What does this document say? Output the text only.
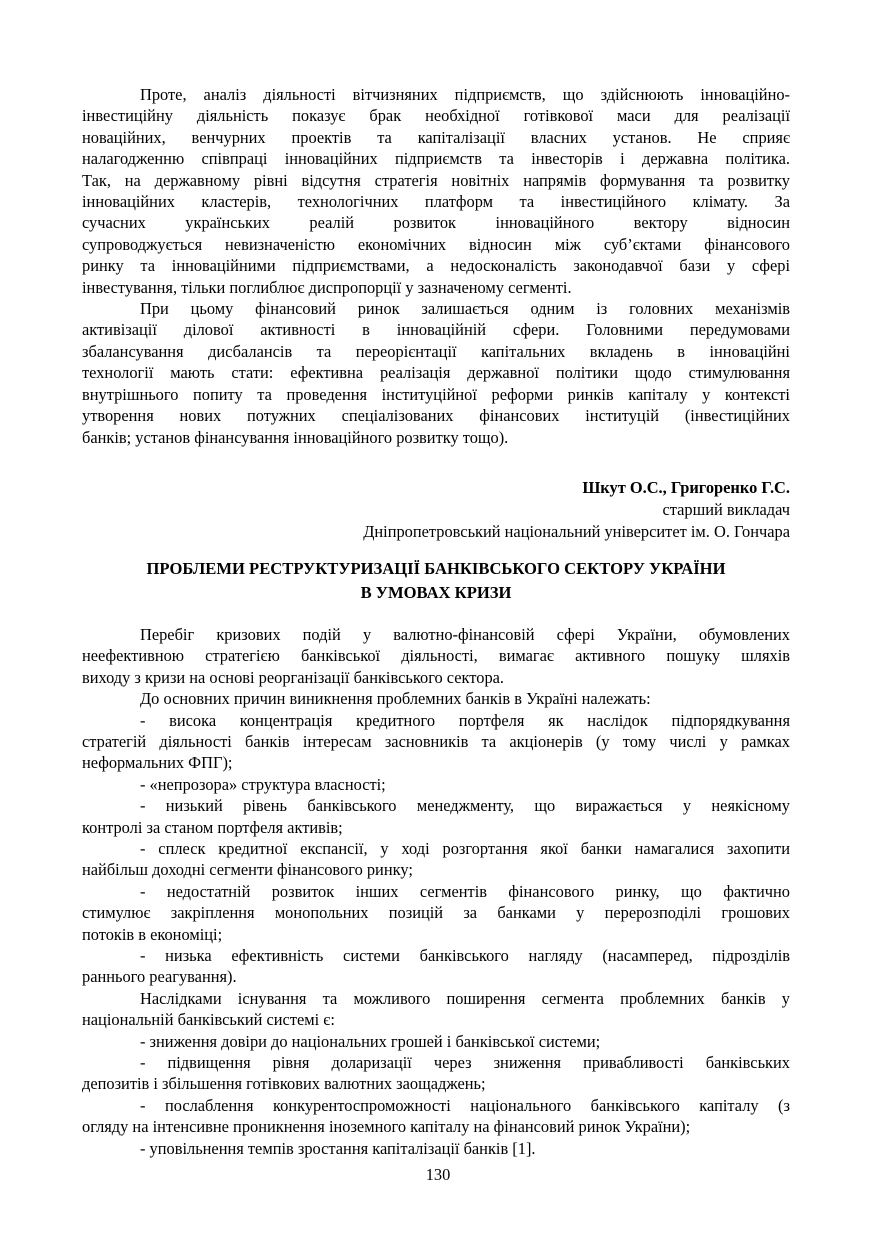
Проте, аналіз діяльності вітчизняних підприємств, що здійснюють інноваційно-
інвестиційну діяльність показує брак необхідної готівкової маси для реалізації
новаційних, венчурних проектів та капіталізації власних установ. Не сприяє
налагодженню співпраці інноваційних підприємств та інвесторів і державна політика.
Так, на державному рівні відсутня стратегія новітніх напрямів формування та розвитку
інноваційних кластерів, технологічних платформ та інвестиційного клімату. За
сучасних українських реалій розвиток інноваційного вектору відносин
супроводжується невизначеністю економічних відносин між суб’єктами фінансового
ринку та інноваційними підприємствами, а недосконалість законодавчої бази у сфері
інвестування, тільки поглиблює диспропорції у зазначеному сегменті.
При цьому фінансовий ринок залишається одним із головних механізмів
активізації ділової активності в інноваційній сфери. Головними передумовами
збалансування дисбалансів та переорієнтації капітальних вкладень в інноваційні
технології мають стати: ефективна реалізація державної політики щодо стимулювання
внутрішнього попиту та проведення інституційної реформи ринків капіталу у контексті
утворення нових потужних спеціалізованих фінансових інституцій (інвестиційних
банків; установ фінансування інноваційного розвитку тощо).
Шкут О.С., Григоренко Г.С.
старший викладач
Дніпропетровський національний університет ім. О. Гончара
ПРОБЛЕМИ РЕСТРУКТУРИЗАЦІЇ БАНКІВСЬКОГО СЕКТОРУ УКРАЇНИ
В УМОВАХ КРИЗИ
Перебіг кризових подій у валютно-фінансовій сфері України, обумовлених
неефективною стратегією банківської діяльності, вимагає активного пошуку шляхів
виходу з кризи на основі реорганізації банківського сектора.
До основних причин виникнення проблемних банків в Україні належать:
- висока концентрація кредитного портфеля як наслідок підпорядкування
стратегій діяльності банків інтересам засновників та акціонерів (у тому числі у рамках
неформальних ФПГ);
- «непрозора» структура власності;
- низький рівень банківського менеджменту, що виражається у неякісному
контролі за станом портфеля активів;
- сплеск кредитної експансії, у ході розгортання якої банки намагалися захопити
найбільш доходні сегменти фінансового ринку;
- недостатній розвиток інших сегментів фінансового ринку, що фактично
стимулює закріплення монопольних позицій за банками у перерозподілі грошових
потоків в економіці;
- низька ефективність системи банківського нагляду (насамперед, підрозділів
раннього реагування).
Наслідками існування та можливого поширення сегмента проблемних банків у
національній банківський системі є:
- зниження довіри до національних грошей і банківської системи;
- підвищення рівня доларизації через зниження привабливості банківських
депозитів і збільшення готівкових валютних заощаджень;
- послаблення конкурентоспроможності національного банківського капіталу (з
огляду на інтенсивне проникнення іноземного капіталу на фінансовий ринок України);
- уповільнення темпів зростання капіталізації банків [1].
130
